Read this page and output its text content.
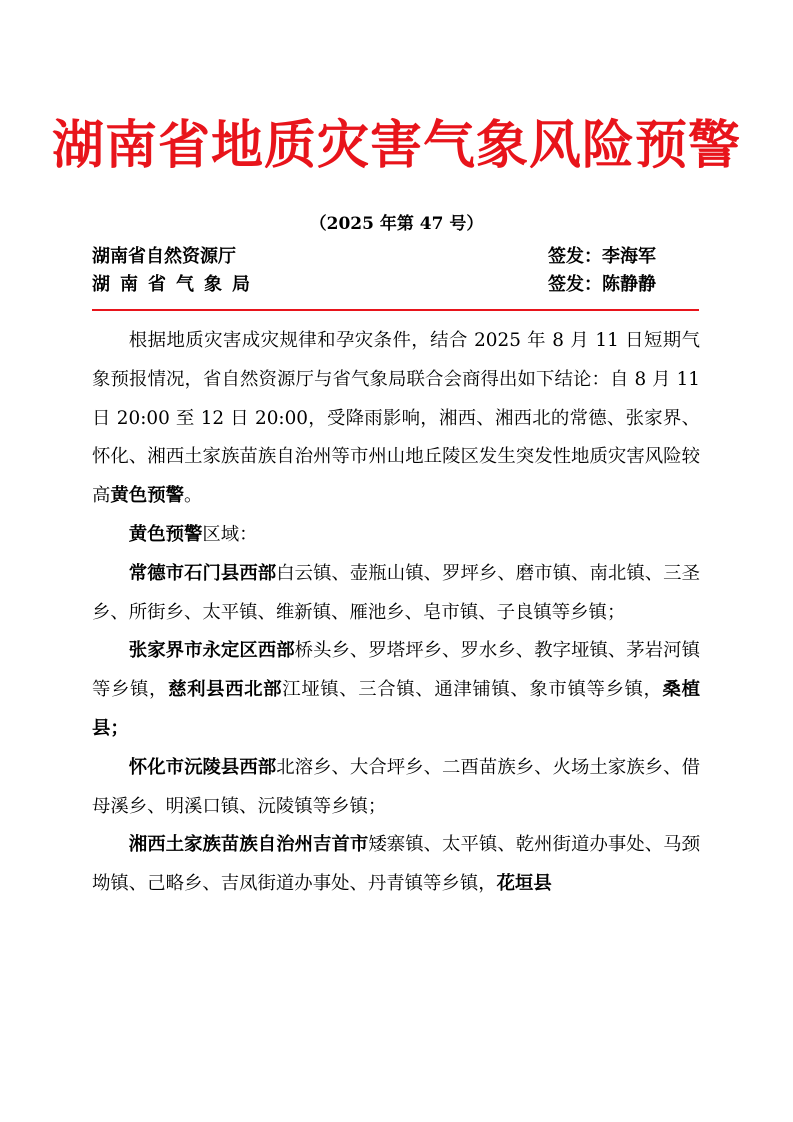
湖南省地质灾害气象风险预警
（2025 年第 47 号）
湖南省自然资源厅	签发：李海军
湖南省气象局	签发：陈静静

根据地质灾害成灾规律和孕灾条件，结合 2025 年 8 月 11 日短期气象预报情况，省自然资源厅与省气象局联合会商得出如下结论：自 8 月 11 日 20:00 至 12 日 20:00，受降雨影响，湘西、湘西北的常德、张家界、怀化、湘西土家族苗族自治州等市州山地丘陵区发生突发性地质灾害风险较高黄色预警。

黄色预警区域：

常德市石门县西部白云镇、壶瓶山镇、罗坪乡、磨市镇、南北镇、三圣乡、所街乡、太平镇、维新镇、雁池乡、皂市镇、子良镇等乡镇；

张家界市永定区西部桥头乡、罗塔坪乡、罗水乡、教字垭镇、茅岩河镇等乡镇，慈利县西北部江垭镇、三合镇、通津铺镇、象市镇等乡镇，桑植县；

怀化市沅陵县西部北溶乡、大合坪乡、二酉苗族乡、火场土家族乡、借母溪乡、明溪口镇、沅陵镇等乡镇；

湘西土家族苗族自治州吉首市矮寨镇、太平镇、乾州街道办事处、马颈坳镇、己略乡、吉凤街道办事处、丹青镇等乡镇，花垣县
